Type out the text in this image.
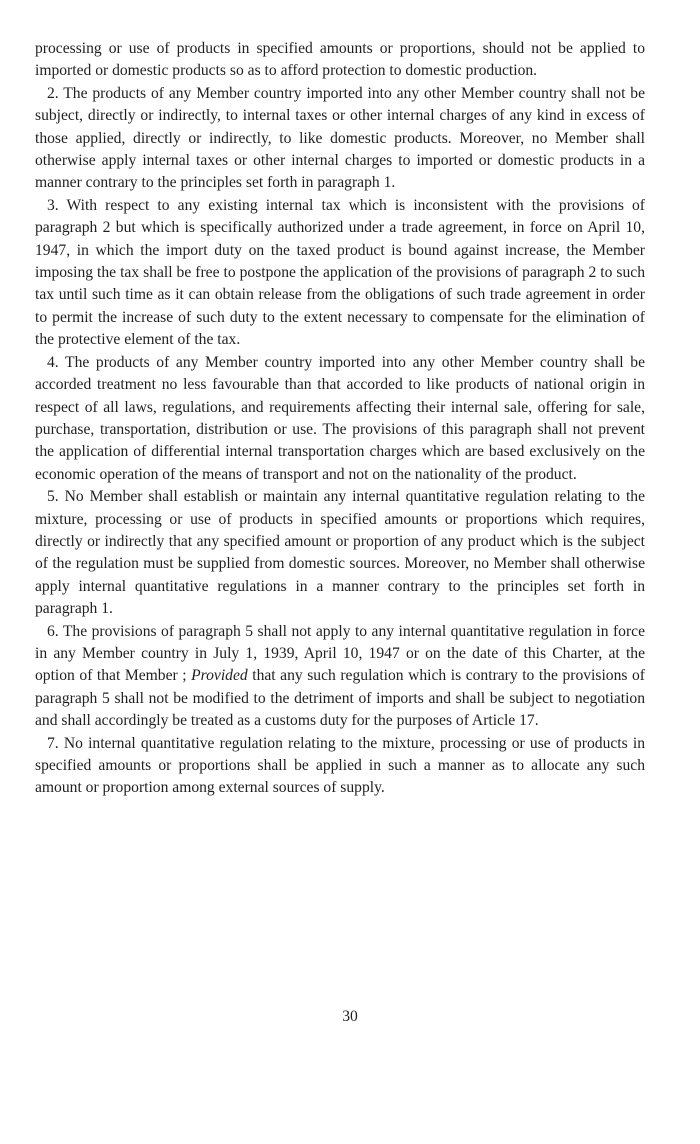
processing or use of products in specified amounts or proportions, should not be applied to imported or domestic products so as to afford protection to domestic production.

2. The products of any Member country imported into any other Member country shall not be subject, directly or indirectly, to internal taxes or other internal charges of any kind in excess of those applied, directly or indirectly, to like domestic products. Moreover, no Member shall otherwise apply internal taxes or other internal charges to imported or domestic products in a manner contrary to the principles set forth in paragraph 1.

3. With respect to any existing internal tax which is inconsistent with the provisions of paragraph 2 but which is specifically authorized under a trade agreement, in force on April 10, 1947, in which the import duty on the taxed product is bound against increase, the Member imposing the tax shall be free to postpone the application of the provisions of paragraph 2 to such tax until such time as it can obtain release from the obligations of such trade agreement in order to permit the increase of such duty to the extent necessary to compensate for the elimination of the protective element of the tax.

4. The products of any Member country imported into any other Member country shall be accorded treatment no less favourable than that accorded to like products of national origin in respect of all laws, regulations, and requirements affecting their internal sale, offering for sale, purchase, transportation, distribution or use. The provisions of this paragraph shall not prevent the application of differential internal transportation charges which are based exclusively on the economic operation of the means of transport and not on the nationality of the product.

5. No Member shall establish or maintain any internal quantitative regulation relating to the mixture, processing or use of products in specified amounts or proportions which requires, directly or indirectly that any specified amount or proportion of any product which is the subject of the regulation must be supplied from domestic sources. Moreover, no Member shall otherwise apply internal quantitative regulations in a manner contrary to the principles set forth in paragraph 1.

6. The provisions of paragraph 5 shall not apply to any internal quantitative regulation in force in any Member country in July 1, 1939, April 10, 1947 or on the date of this Charter, at the option of that Member ; Provided that any such regulation which is contrary to the provisions of paragraph 5 shall not be modified to the detriment of imports and shall be subject to negotiation and shall accordingly be treated as a customs duty for the purposes of Article 17.

7. No internal quantitative regulation relating to the mixture, processing or use of products in specified amounts or proportions shall be applied in such a manner as to allocate any such amount or proportion among external sources of supply.

30
